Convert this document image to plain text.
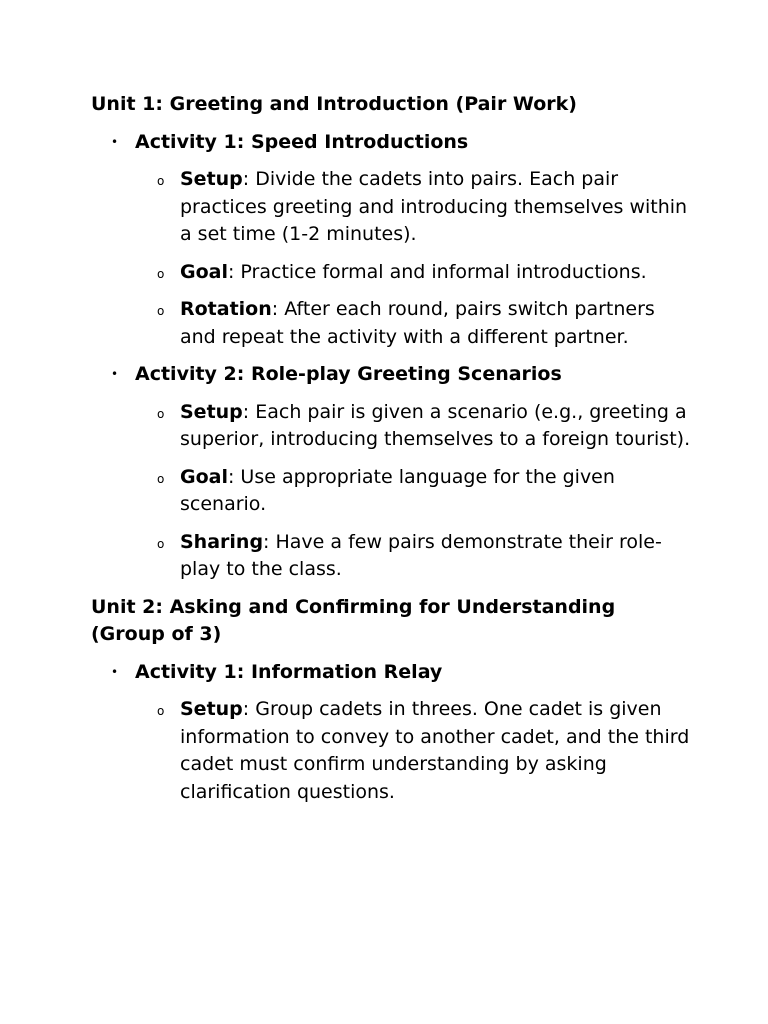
Unit 1: Greeting and Introduction (Pair Work)
• Activity 1: Speed Introductions
o Setup: Divide the cadets into pairs. Each pair practices greeting and introducing themselves within a set time (1-2 minutes).
o Goal: Practice formal and informal introductions.
o Rotation: After each round, pairs switch partners and repeat the activity with a different partner.
• Activity 2: Role-play Greeting Scenarios
o Setup: Each pair is given a scenario (e.g., greeting a superior, introducing themselves to a foreign tourist).
o Goal: Use appropriate language for the given scenario.
o Sharing: Have a few pairs demonstrate their role-play to the class.
Unit 2: Asking and Confirming for Understanding (Group of 3)
• Activity 1: Information Relay
o Setup: Group cadets in threes. One cadet is given information to convey to another cadet, and the third cadet must confirm understanding by asking clarification questions.
